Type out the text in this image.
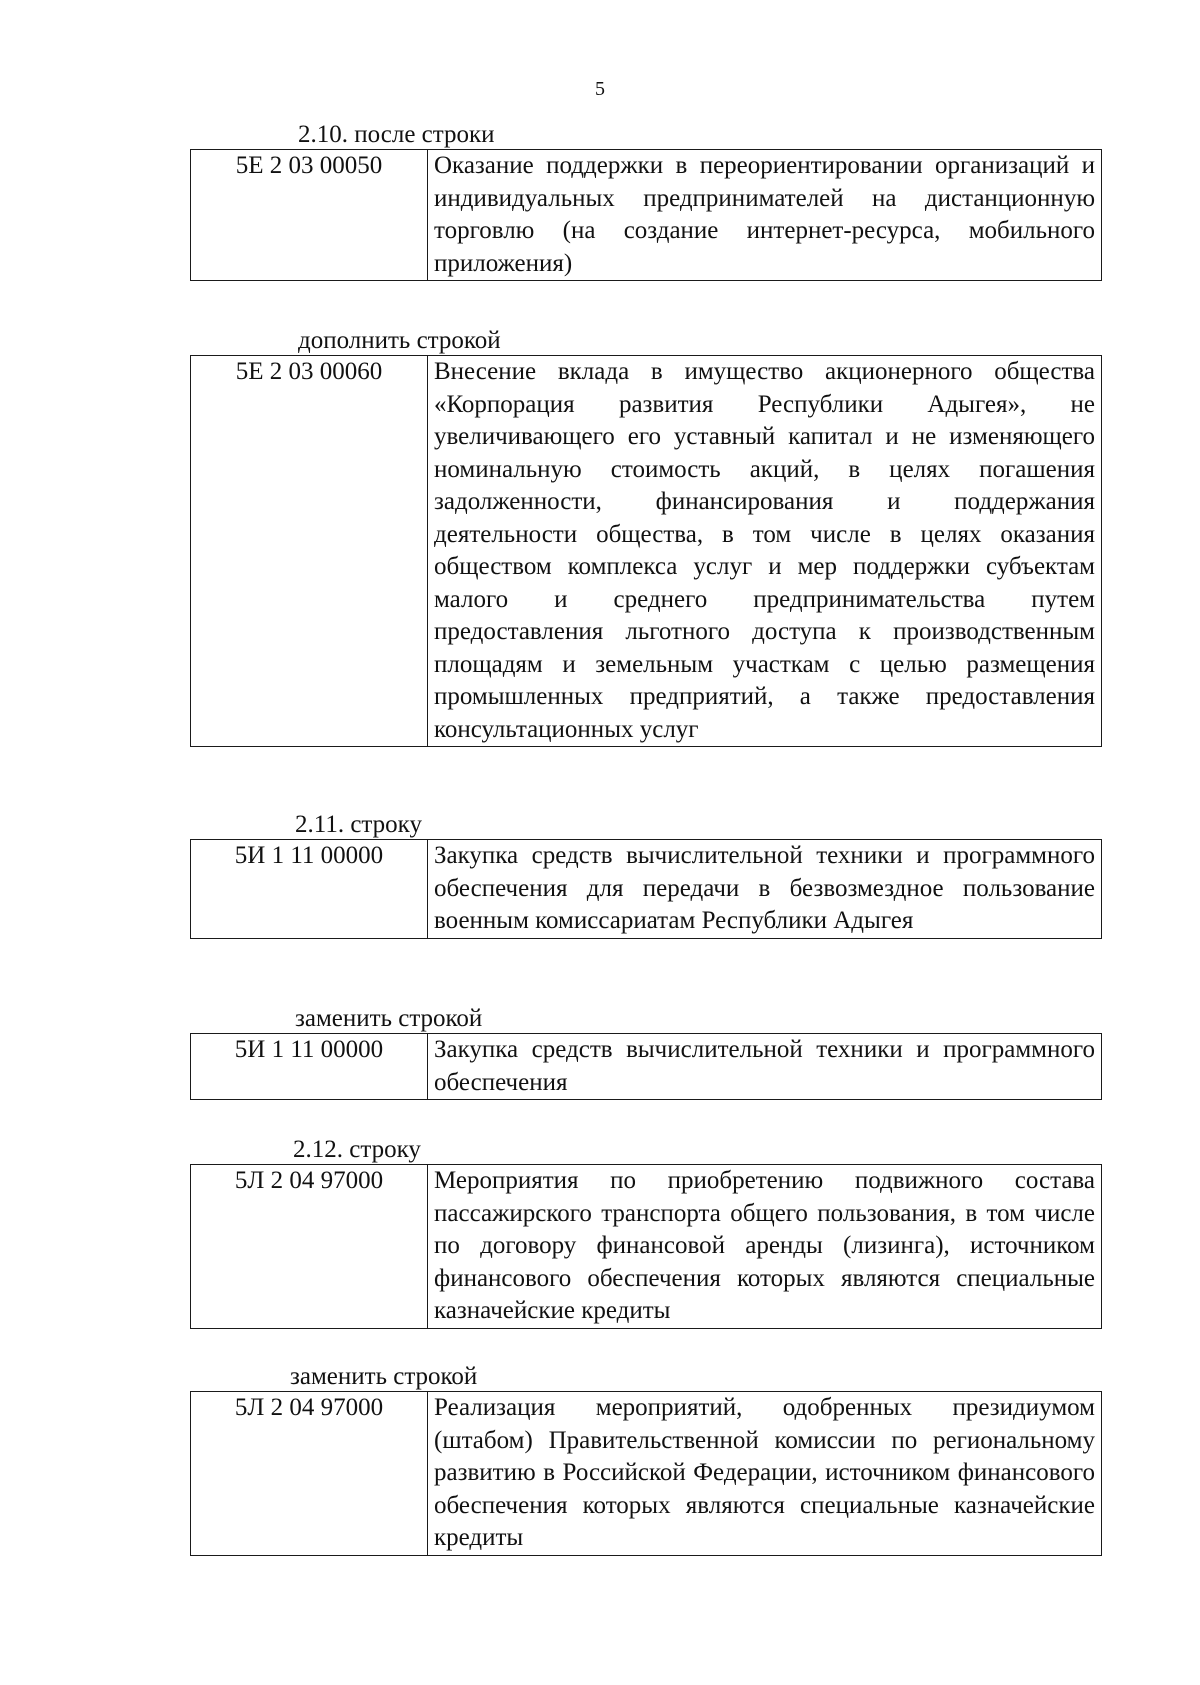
5
2.10. после строки
5Е 2 03 00050	Оказание поддержки в переориентировании организаций и индивидуальных предпринимателей на дистанционную торговлю (на создание интернет-ресурса, мобильного приложения)
дополнить строкой
5Е 2 03 00060	Внесение вклада в имущество акционерного общества «Корпорация развития Республики Адыгея», не увеличивающего его уставный капитал и не изменяющего номинальную стоимость акций, в целях погашения задолженности, финансирования и поддержания деятельности общества, в том числе в целях оказания обществом комплекса услуг и мер поддержки субъектам малого и среднего предпринимательства путем предоставления льготного доступа к производственным площадям и земельным участкам с целью размещения промышленных предприятий, а также предоставления консультационных услуг
2.11. строку
5И 1 11 00000	Закупка средств вычислительной техники и программного обеспечения для передачи в безвозмездное пользование военным комиссариатам Республики Адыгея
заменить строкой
5И 1 11 00000	Закупка средств вычислительной техники и программного обеспечения
2.12. строку
5Л 2 04 97000	Мероприятия по приобретению подвижного состава пассажирского транспорта общего пользования, в том числе по договору финансовой аренды (лизинга), источником финансового обеспечения которых являются специальные казначейские кредиты
заменить строкой
5Л 2 04 97000	Реализация мероприятий, одобренных президиумом (штабом) Правительственной комиссии по региональному развитию в Российской Федерации, источником финансового обеспечения которых являются специальные казначейские кредиты
